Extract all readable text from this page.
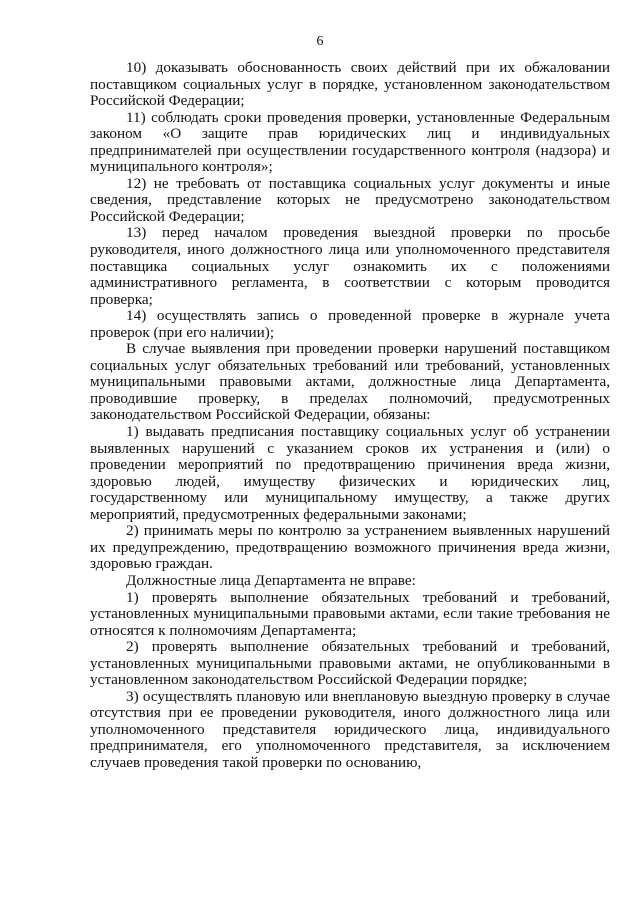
6

10) доказывать обоснованность своих действий при их обжаловании поставщиком социальных услуг в порядке, установленном законодательством Российской Федерации;

11) соблюдать сроки проведения проверки, установленные Федеральным законом «О защите прав юридических лиц и индивидуальных предпринимателей при осуществлении государственного контроля (надзора) и муниципального контроля»;

12) не требовать от поставщика социальных услуг документы и иные сведения, представление которых не предусмотрено законодательством Российской Федерации;

13) перед началом проведения выездной проверки по просьбе руководителя, иного должностного лица или уполномоченного представителя поставщика социальных услуг ознакомить их с положениями административного регламента, в соответствии с которым проводится проверка;

14) осуществлять запись о проведенной проверке в журнале учета проверок (при его наличии);

В случае выявления при проведении проверки нарушений поставщиком социальных услуг обязательных требований или требований, установленных муниципальными правовыми актами, должностные лица Департамента, проводившие проверку, в пределах полномочий, предусмотренных законодательством Российской Федерации, обязаны:

1) выдавать предписания поставщику социальных услуг об устранении выявленных нарушений с указанием сроков их устранения и (или) о проведении мероприятий по предотвращению причинения вреда жизни, здоровью людей, имуществу физических и юридических лиц, государственному или муниципальному имуществу, а также других мероприятий, предусмотренных федеральными законами;

2) принимать меры по контролю за устранением выявленных нарушений их предупреждению, предотвращению возможного причинения вреда жизни, здоровью граждан.

Должностные лица Департамента не вправе:

1) проверять выполнение обязательных требований и требований, установленных муниципальными правовыми актами, если такие требования не относятся к полномочиям Департамента;

2) проверять выполнение обязательных требований и требований, установленных муниципальными правовыми актами, не опубликованными в установленном законодательством Российской Федерации порядке;

3) осуществлять плановую или внеплановую выездную проверку в случае отсутствия при ее проведении руководителя, иного должностного лица или уполномоченного представителя юридического лица, индивидуального предпринимателя, его уполномоченного представителя, за исключением случаев проведения такой проверки по основанию,
